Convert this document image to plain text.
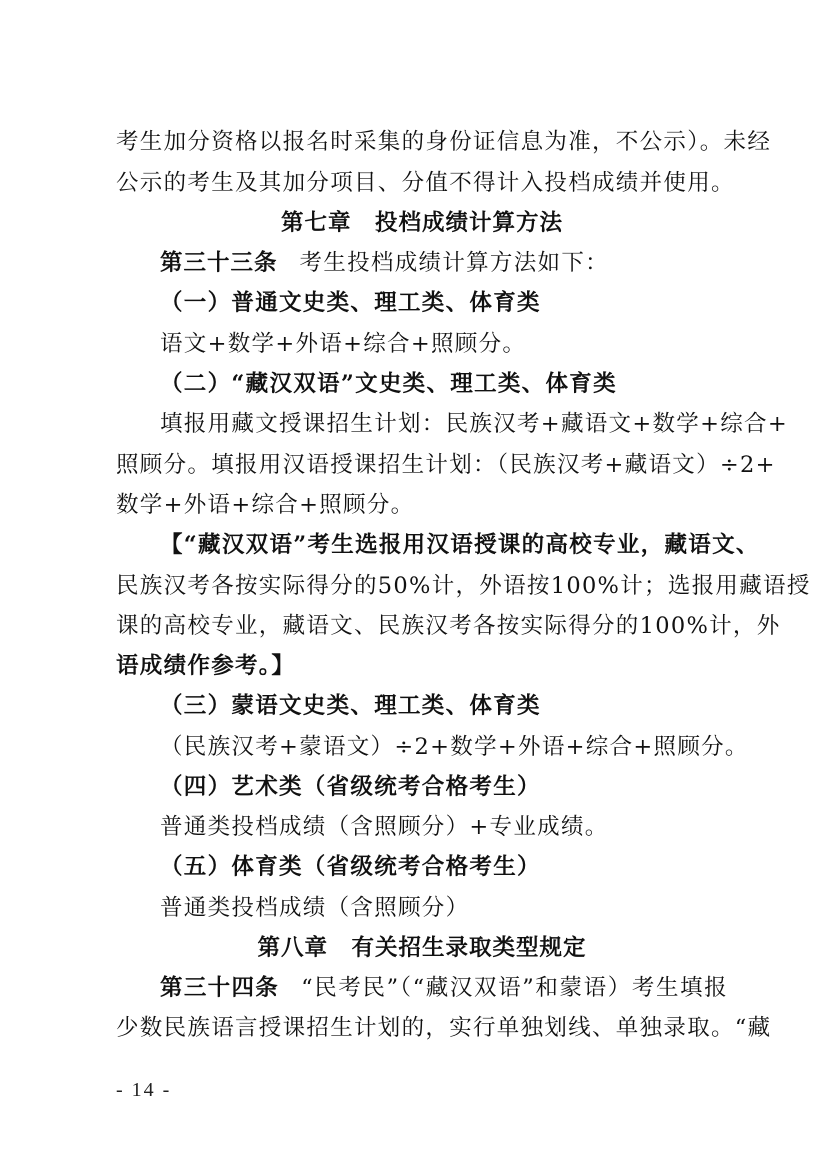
考生加分资格以报名时采集的身份证信息为准，不公示）。未经
公示的考生及其加分项目、分值不得计入投档成绩并使用。
第七章　投档成绩计算方法
第三十三条 考生投档成绩计算方法如下：
（一）普通文史类、理工类、体育类
语文+数学+外语+综合+照顾分。
（二）“藏汉双语”文史类、理工类、体育类
填报用藏文授课招生计划：民族汉考+藏语文+数学+综合+
照顾分。填报用汉语授课招生计划：（民族汉考+藏语文）÷2+
数学+外语+综合+照顾分。
【“藏汉双语”考生选报用汉语授课的高校专业，藏语文、
民族汉考各按实际得分的50%计，外语按100%计；选报用藏语授
课的高校专业，藏语文、民族汉考各按实际得分的100%计，外
语成绩作参考。】
（三）蒙语文史类、理工类、体育类
（民族汉考+蒙语文）÷2+数学+外语+综合+照顾分。
（四）艺术类（省级统考合格考生）
普通类投档成绩（含照顾分）+专业成绩。
（五）体育类（省级统考合格考生）
普通类投档成绩（含照顾分）
第八章　有关招生录取类型规定
第三十四条 “民考民”（“藏汉双语”和蒙语）考生填报
少数民族语言授课招生计划的，实行单独划线、单独录取。“藏
- 14 -
